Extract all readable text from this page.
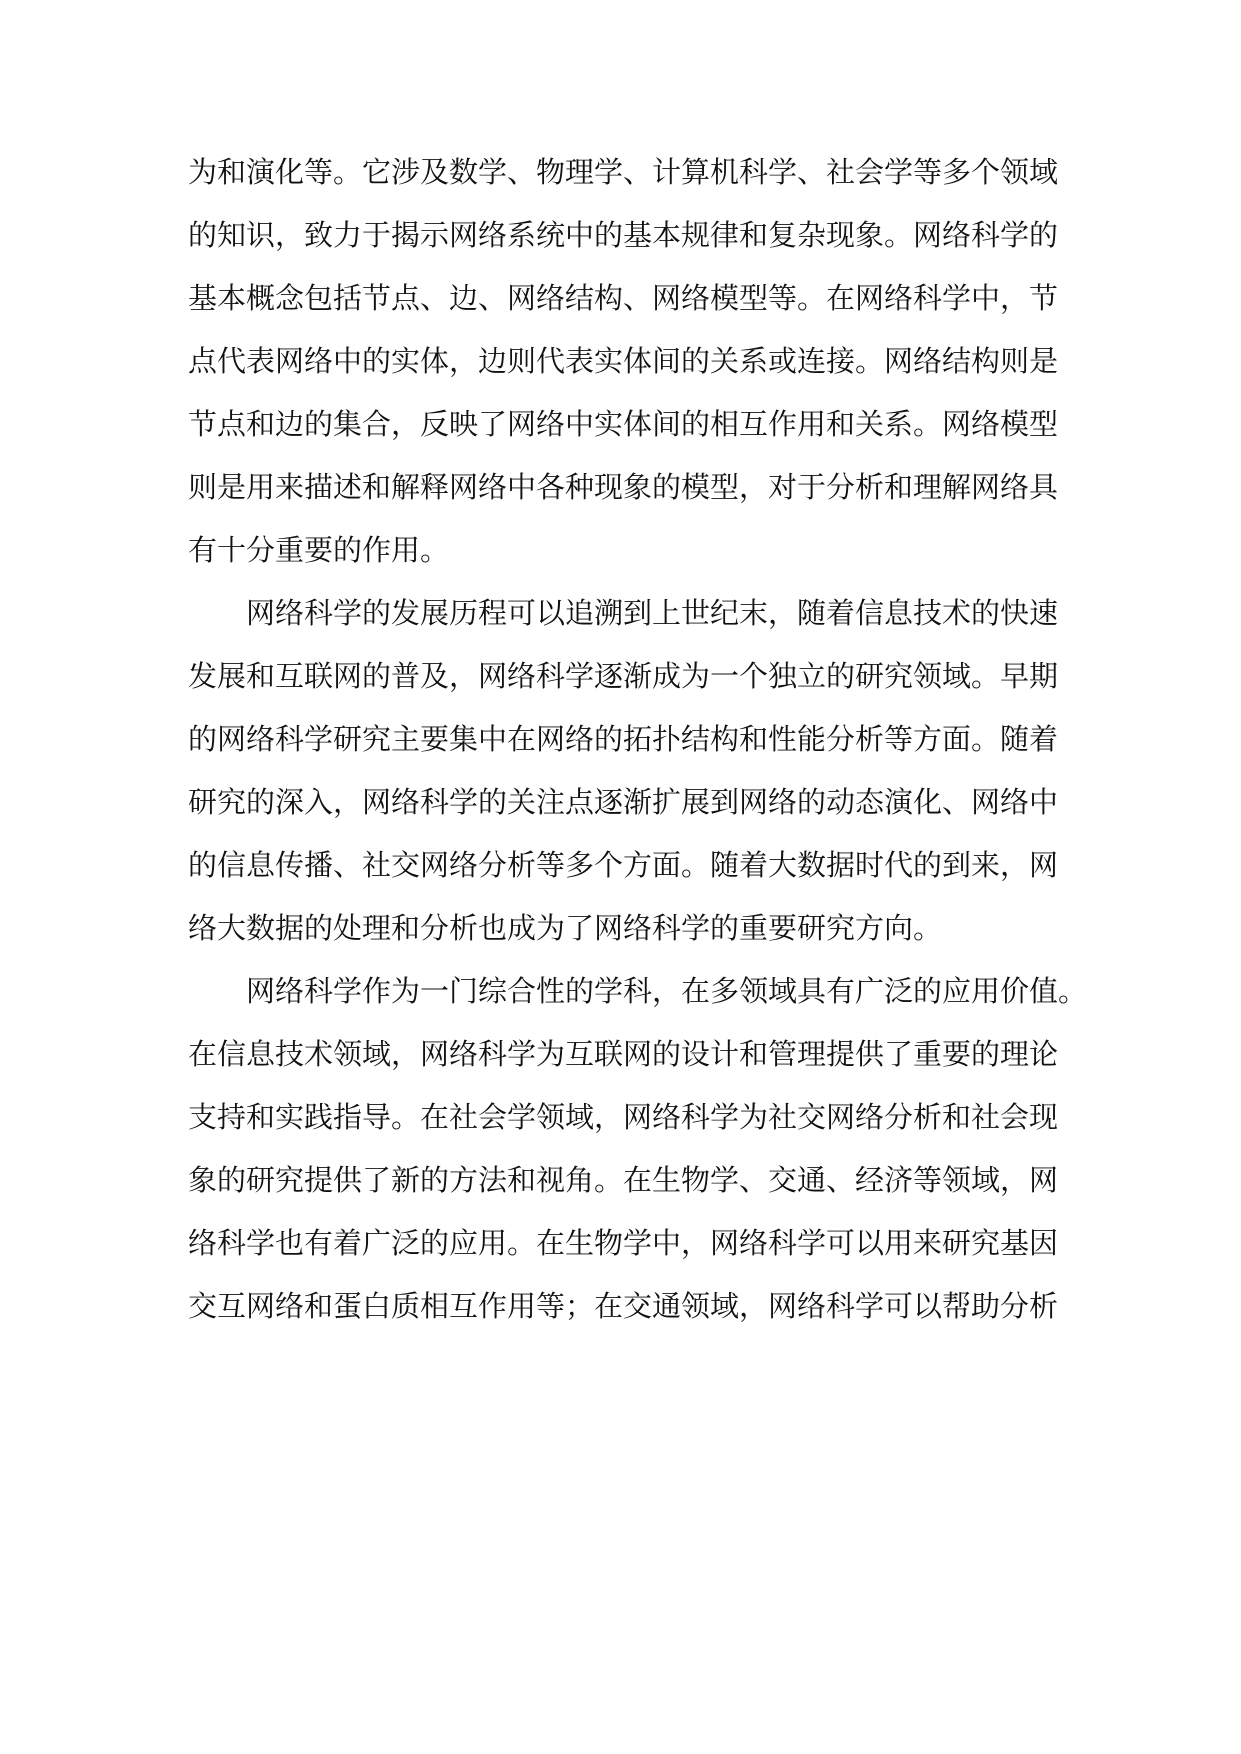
为和演化等。它涉及数学、物理学、计算机科学、社会学等多个领域
的知识，致力于揭示网络系统中的基本规律和复杂现象。网络科学的
基本概念包括节点、边、网络结构、网络模型等。在网络科学中，节
点代表网络中的实体，边则代表实体间的关系或连接。网络结构则是
节点和边的集合，反映了网络中实体间的相互作用和关系。网络模型
则是用来描述和解释网络中各种现象的模型，对于分析和理解网络具
有十分重要的作用。
网络科学的发展历程可以追溯到上世纪末，随着信息技术的快速
发展和互联网的普及，网络科学逐渐成为一个独立的研究领域。早期
的网络科学研究主要集中在网络的拓扑结构和性能分析等方面。随着
研究的深入，网络科学的关注点逐渐扩展到网络的动态演化、网络中
的信息传播、社交网络分析等多个方面。随着大数据时代的到来，网
络大数据的处理和分析也成为了网络科学的重要研究方向。
网络科学作为一门综合性的学科，在多领域具有广泛的应用价值。
在信息技术领域，网络科学为互联网的设计和管理提供了重要的理论
支持和实践指导。在社会学领域，网络科学为社交网络分析和社会现
象的研究提供了新的方法和视角。在生物学、交通、经济等领域，网
络科学也有着广泛的应用。在生物学中，网络科学可以用来研究基因
交互网络和蛋白质相互作用等；在交通领域，网络科学可以帮助分析
